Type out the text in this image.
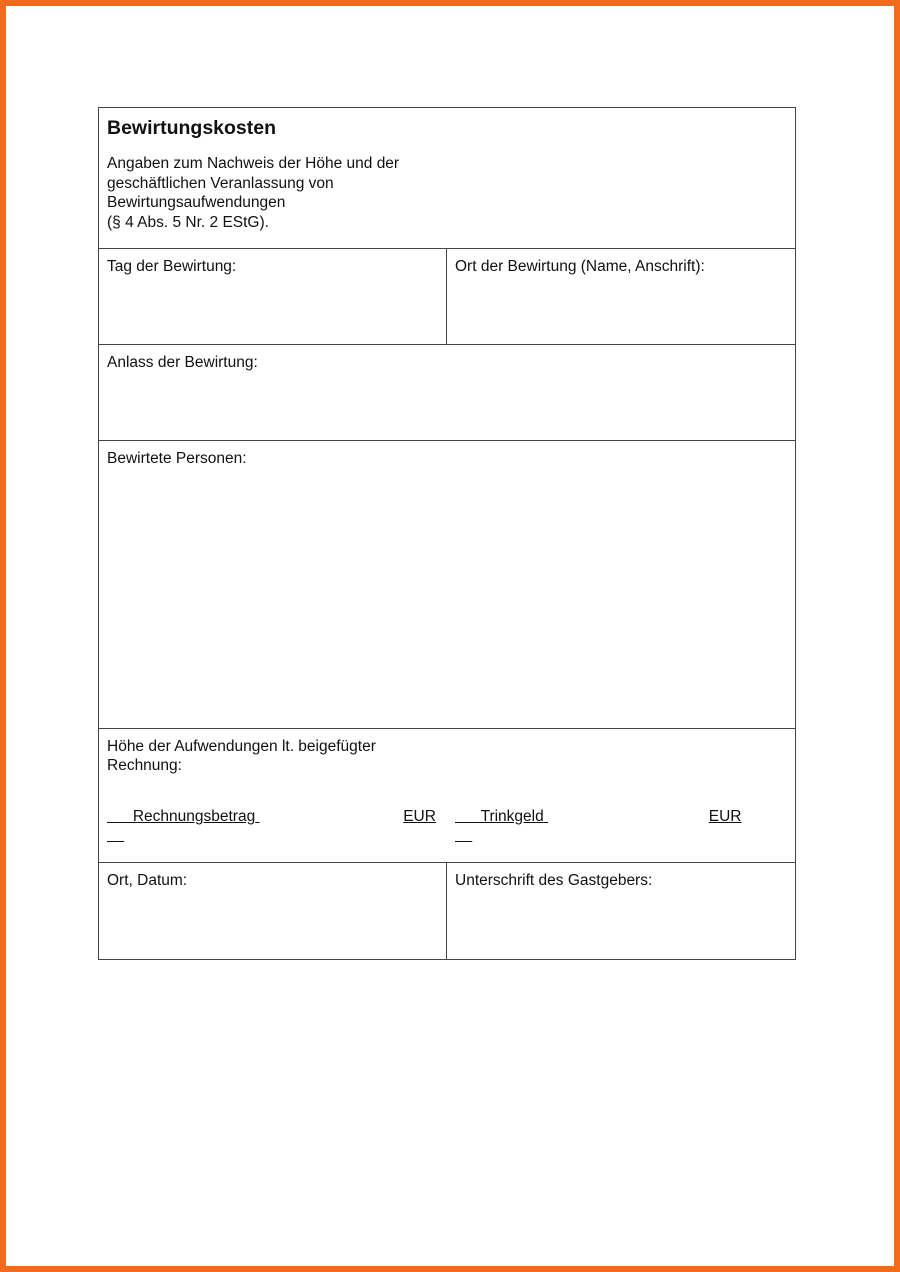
Bewirtungskosten
Angaben zum Nachweis der Höhe und der
geschäftlichen Veranlassung von
Bewirtungsaufwendungen
(§ 4 Abs. 5 Nr. 2 EStG).
Tag der Bewirtung:	Ort der Bewirtung (Name, Anschrift):
Anlass der Bewirtung:
Bewirtete Personen:
Höhe der Aufwendungen lt. beigefügter
Rechnung:

Rechnungsbetrag	EUR
	Trinkgeld	EUR

Ort, Datum:	Unterschrift des Gastgebers:
